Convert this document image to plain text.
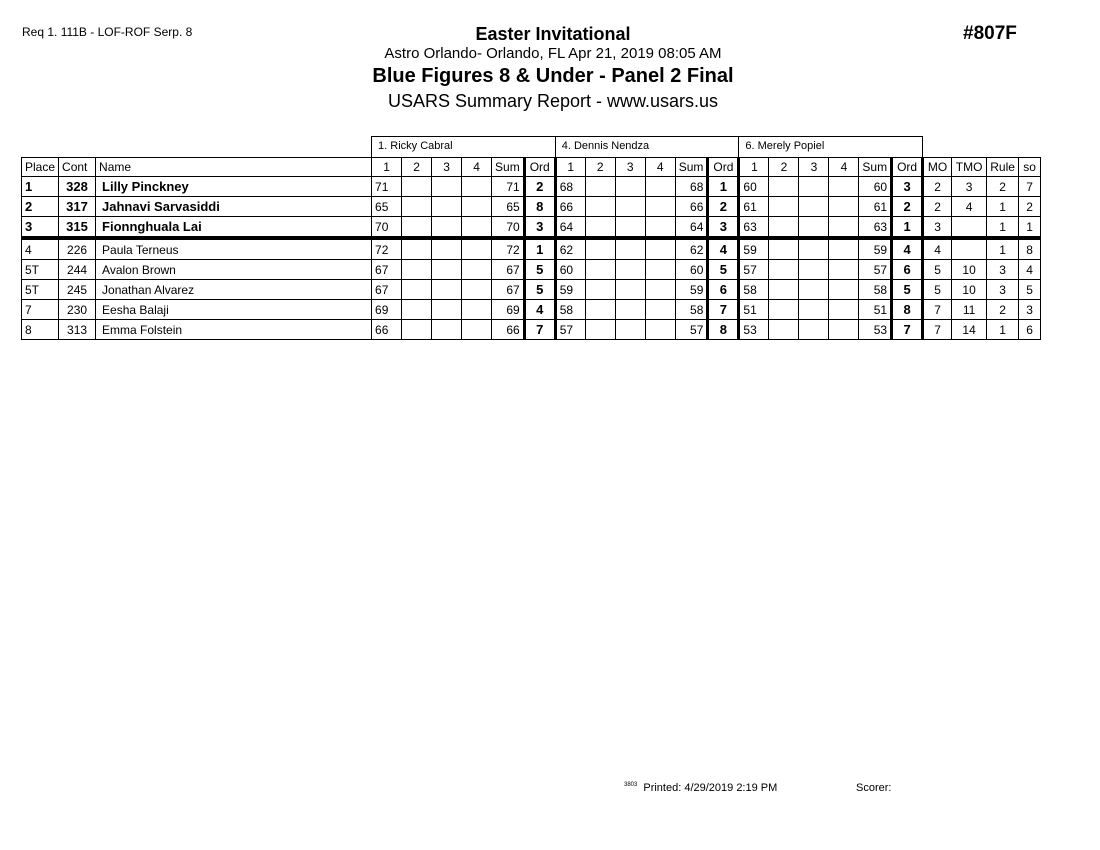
Req 1. 111B - LOF-ROF Serp. 8	#807F
Easter Invitational
Astro Orlando- Orlando, FL Apr 21, 2019 08:05 AM
Blue Figures 8 & Under - Panel 2 Final
USARS Summary Report - www.usars.us
			1. Ricky Cabral						4. Dennis Nendza						6. Merely Popiel									
Place	Cont	Name	1	2	3	4	Sum	Ord	1	2	3	4	Sum	Ord	1	2	3	4	Sum	Ord	MO	TMO	Rule	so
1	328	Lilly Pinckney	71				71	2	68				68	1	60				60	3	2	3	2	7
2	317	Jahnavi Sarvasiddi	65				65	8	66				66	2	61				61	2	2	4	1	2
3	315	Fionnghuala Lai	70				70	3	64				64	3	63				63	1	3		1	1
4	226	Paula Terneus	72				72	1	62				62	4	59				59	4	4		1	8
5T	244	Avalon Brown	67				67	5	60				60	5	57				57	6	5	10	3	4
5T	245	Jonathan Alvarez	67				67	5	59				59	6	58				58	5	5	10	3	5
7	230	Eesha Balaji	69				69	4	58				58	7	51				51	8	7	11	2	3
8	313	Emma Folstein	66				66	7	57				57	8	53				53	7	7	14	1	6
$^{3803}$ Printed: 4/29/2019 2:19 PM	Scorer:
